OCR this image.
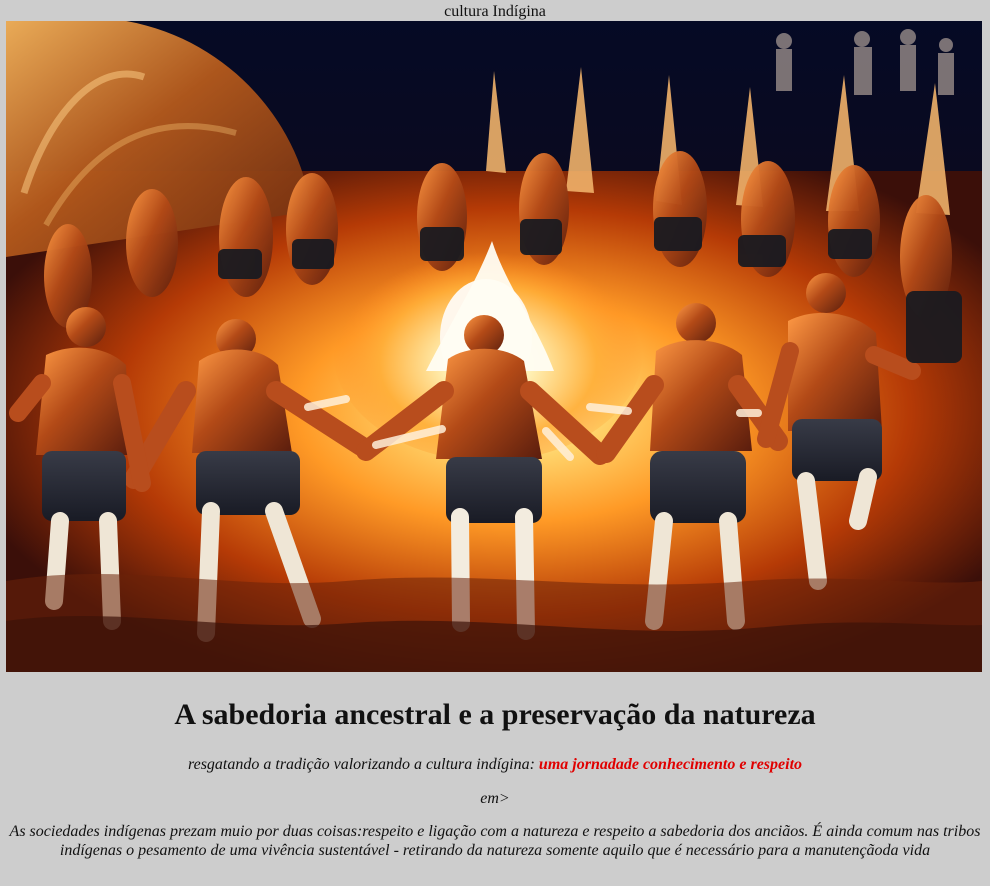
cultura Indígina
A sabedoria ancestral e a preservação da natureza
resgatando a tradição valorizando a cultura indígina: uma jornadade conhecimento e respeito
em>
As sociedades indígenas prezam muio por duas coisas:respeito e ligação com a natureza e respeito a sabedoria dos anciãos. É ainda comum nas tribos indígenas o pesamento de uma vivência sustentável - retirando da natureza somente aquilo que é necessário para a manutençãoda vida
